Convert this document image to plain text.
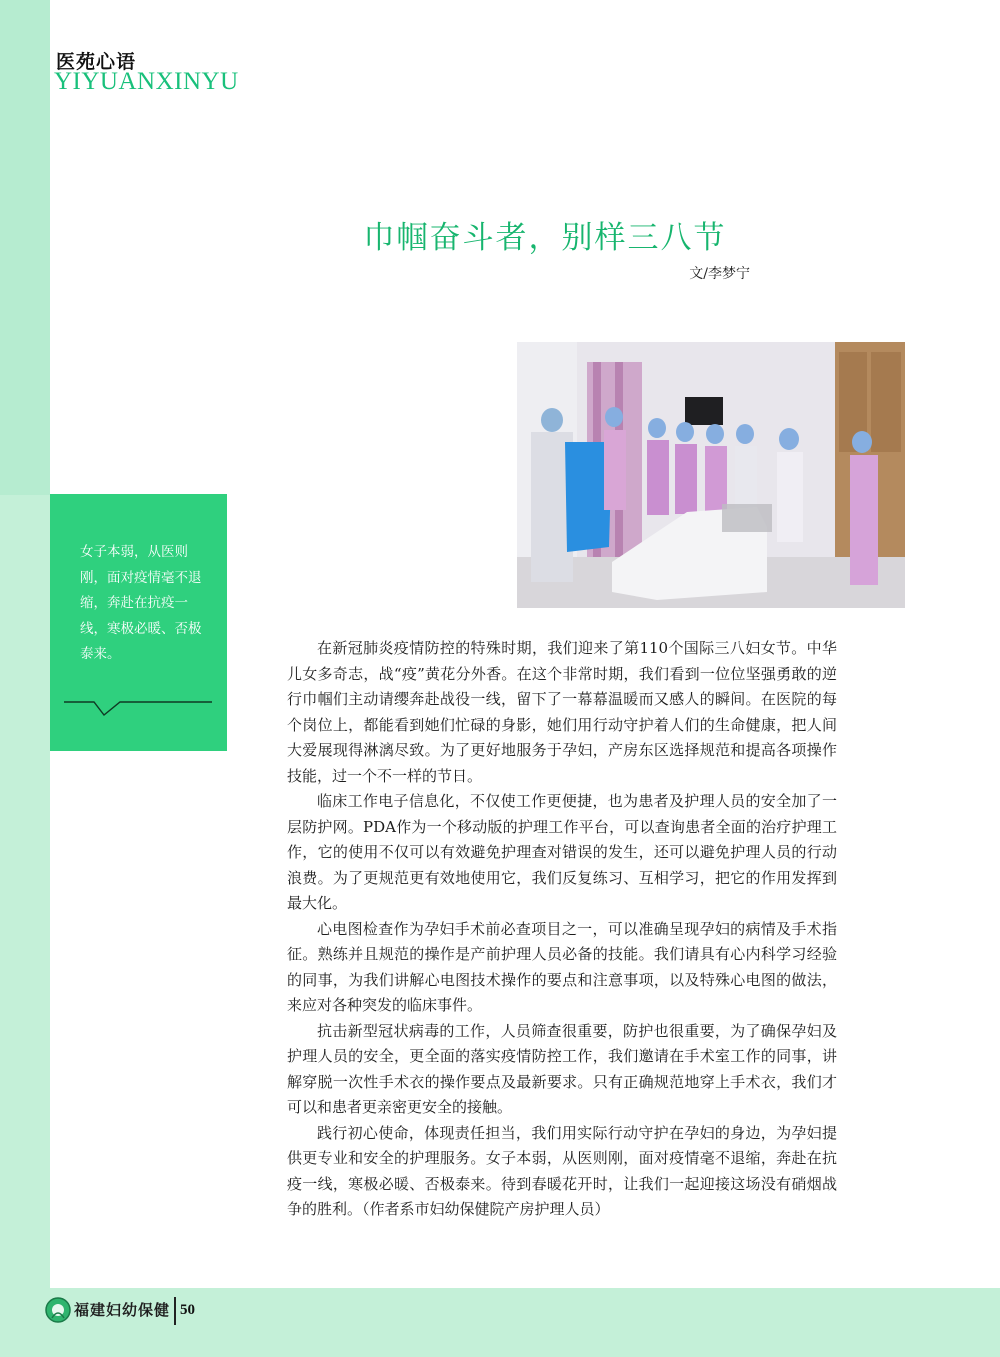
医苑心语
YIYUANXINYU
巾帼奋斗者，别样三八节
文/李梦宁
女子本弱，从医则刚，面对疫情毫不退缩，奔赴在抗疫一线，寒极必暖、否极泰来。	在新冠肺炎疫情防控的特殊时期，我们迎来了第110个国际三八妇女节。中华儿女多奇志，战“疫”黄花分外香。在这个非常时期，我们看到一位位坚强勇敢的逆行巾帼们主动请缨奔赴战役一线，留下了一幕幕温暖而又感人的瞬间。在医院的每个岗位上，都能看到她们忙碌的身影，她们用行动守护着人们的生命健康，把人间大爱展现得淋漓尽致。为了更好地服务于孕妇，产房东区选择规范和提高各项操作技能，过一个不一样的节日。

临床工作电子信息化，不仅使工作更便捷，也为患者及护理人员的安全加了一层防护网。PDA作为一个移动版的护理工作平台，可以查询患者全面的治疗护理工作，它的使用不仅可以有效避免护理查对错误的发生，还可以避免护理人员的行动浪费。为了更规范更有效地使用它，我们反复练习、互相学习，把它的作用发挥到最大化。

心电图检查作为孕妇手术前必查项目之一，可以准确呈现孕妇的病情及手术指征。熟练并且规范的操作是产前护理人员必备的技能。我们请具有心内科学习经验的同事，为我们讲解心电图技术操作的要点和注意事项，以及特殊心电图的做法，来应对各种突发的临床事件。

抗击新型冠状病毒的工作，人员筛查很重要，防护也很重要，为了确保孕妇及护理人员的安全，更全面的落实疫情防控工作，我们邀请在手术室工作的同事，讲解穿脱一次性手术衣的操作要点及最新要求。只有正确规范地穿上手术衣，我们才可以和患者更亲密更安全的接触。

践行初心使命，体现责任担当，我们用实际行动守护在孕妇的身边，为孕妇提供更专业和安全的护理服务。女子本弱，从医则刚，面对疫情毫不退缩，奔赴在抗疫一线，寒极必暖、否极泰来。待到春暖花开时，让我们一起迎接这场没有硝烟战争的胜利。（作者系市妇幼保健院产房护理人员）

福建妇幼保健 50
